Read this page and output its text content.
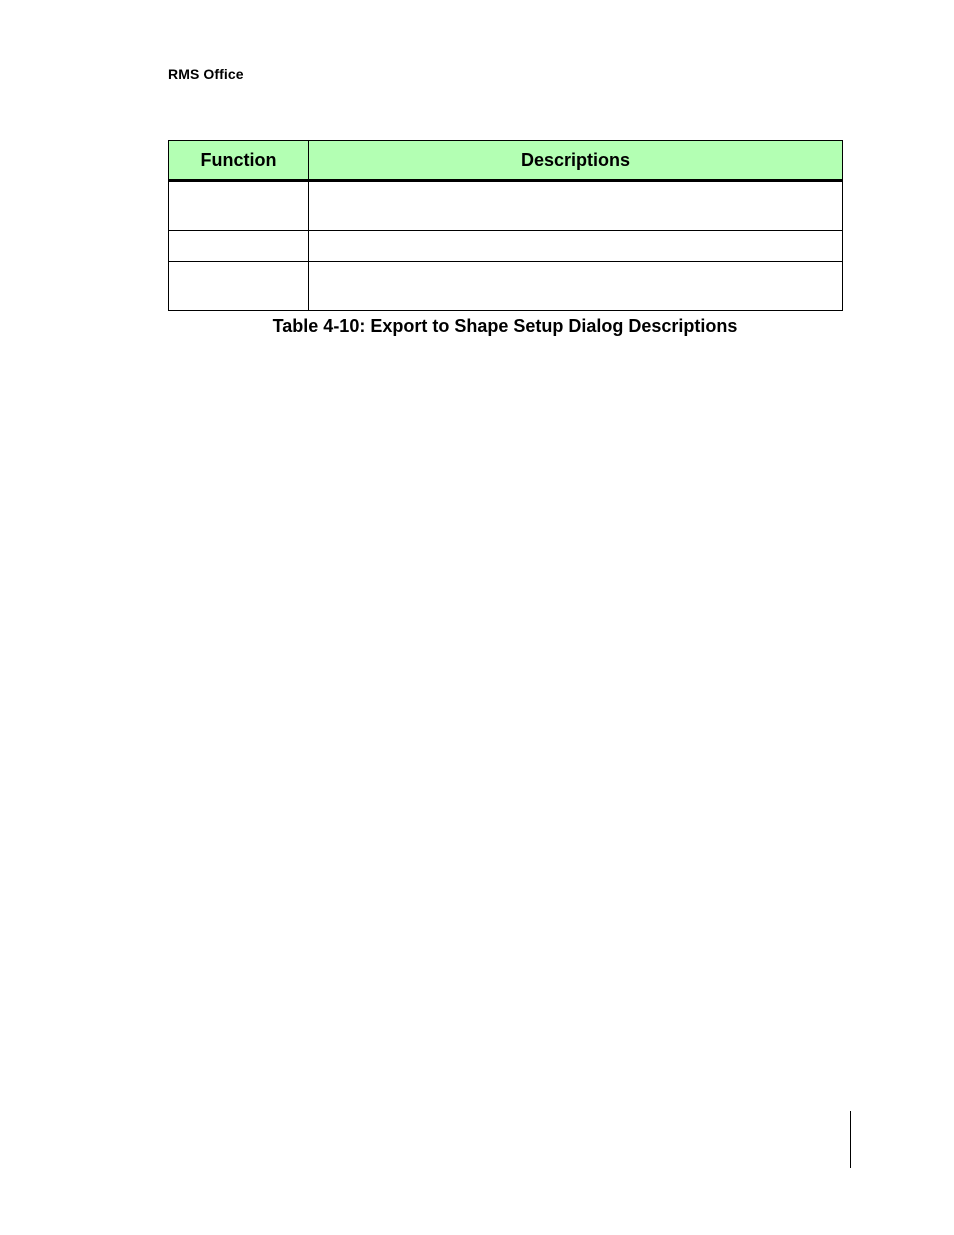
RMS Office
Function	Descriptions

Table 4-10: Export to Shape Setup Dialog Descriptions
